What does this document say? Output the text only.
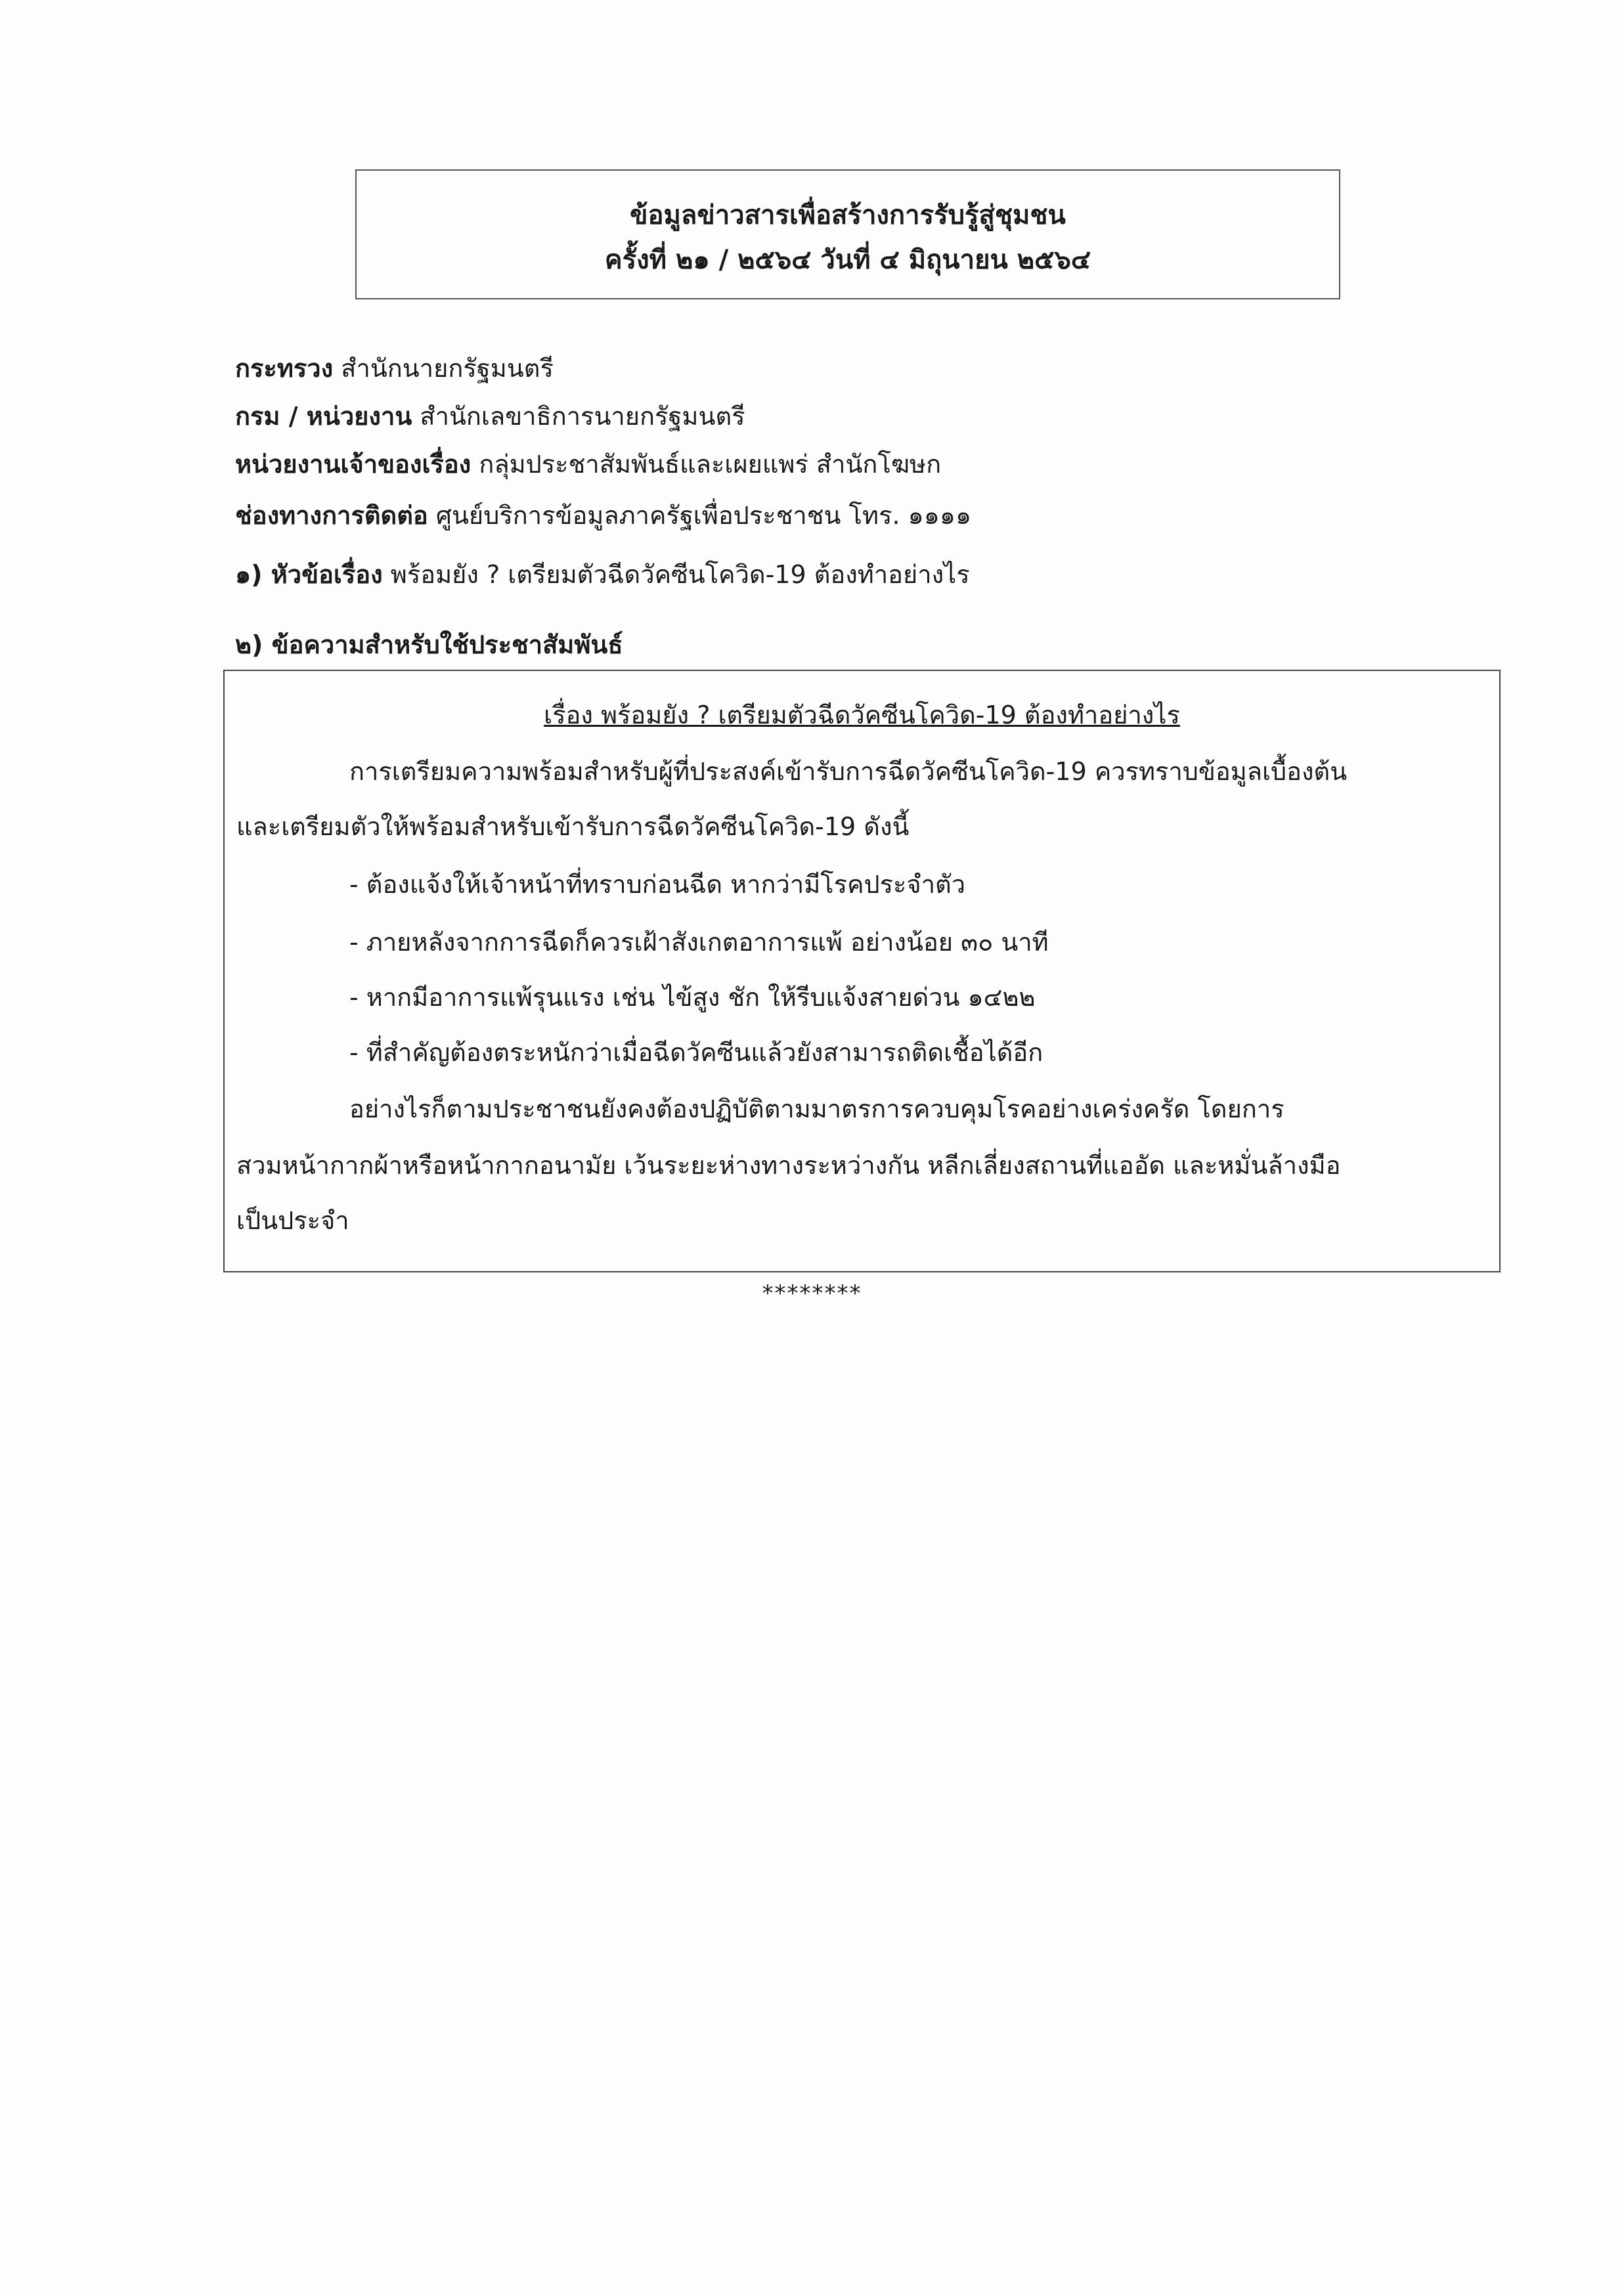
ข้อมูลข่าวสารเพื่อสร้างการรับรู้สู่ชุมชน
ครั้งที่ ๒๑ / ๒๕๖๔ วันที่ ๔ มิถุนายน ๒๕๖๔
กระทรวง สำนักนายกรัฐมนตรี
กรม / หน่วยงาน สำนักเลขาธิการนายกรัฐมนตรี
หน่วยงานเจ้าของเรื่อง กลุ่มประชาสัมพันธ์และเผยแพร่ สำนักโฆษก
ช่องทางการติดต่อ ศูนย์บริการข้อมูลภาครัฐเพื่อประชาชน โทร. ๑๑๑๑
๑) หัวข้อเรื่อง พร้อมยัง ? เตรียมตัวฉีดวัคซีนโควิด-19 ต้องทำอย่างไร
๒) ข้อความสำหรับใช้ประชาสัมพันธ์
เรื่อง พร้อมยัง ? เตรียมตัวฉีดวัคซีนโควิด-19 ต้องทำอย่างไร
การเตรียมความพร้อมสำหรับผู้ที่ประสงค์เข้ารับการฉีดวัคซีนโควิด-19 ควรทราบข้อมูลเบื้องต้น
และเตรียมตัวให้พร้อมสำหรับเข้ารับการฉีดวัคซีนโควิด-19 ดังนี้
- ต้องแจ้งให้เจ้าหน้าที่ทราบก่อนฉีด หากว่ามีโรคประจำตัว
- ภายหลังจากการฉีดก็ควรเฝ้าสังเกตอาการแพ้ อย่างน้อย ๓๐ นาที
- หากมีอาการแพ้รุนแรง เช่น ไข้สูง ชัก ให้รีบแจ้งสายด่วน ๑๔๒๒
- ที่สำคัญต้องตระหนักว่าเมื่อฉีดวัคซีนแล้วยังสามารถติดเชื้อได้อีก
อย่างไรก็ตามประชาชนยังคงต้องปฏิบัติตามมาตรการควบคุมโรคอย่างเคร่งครัด โดยการ
สวมหน้ากากผ้าหรือหน้ากากอนามัย เว้นระยะห่างทางระหว่างกัน หลีกเลี่ยงสถานที่แออัด และหมั่นล้างมือ
เป็นประจำ
********
